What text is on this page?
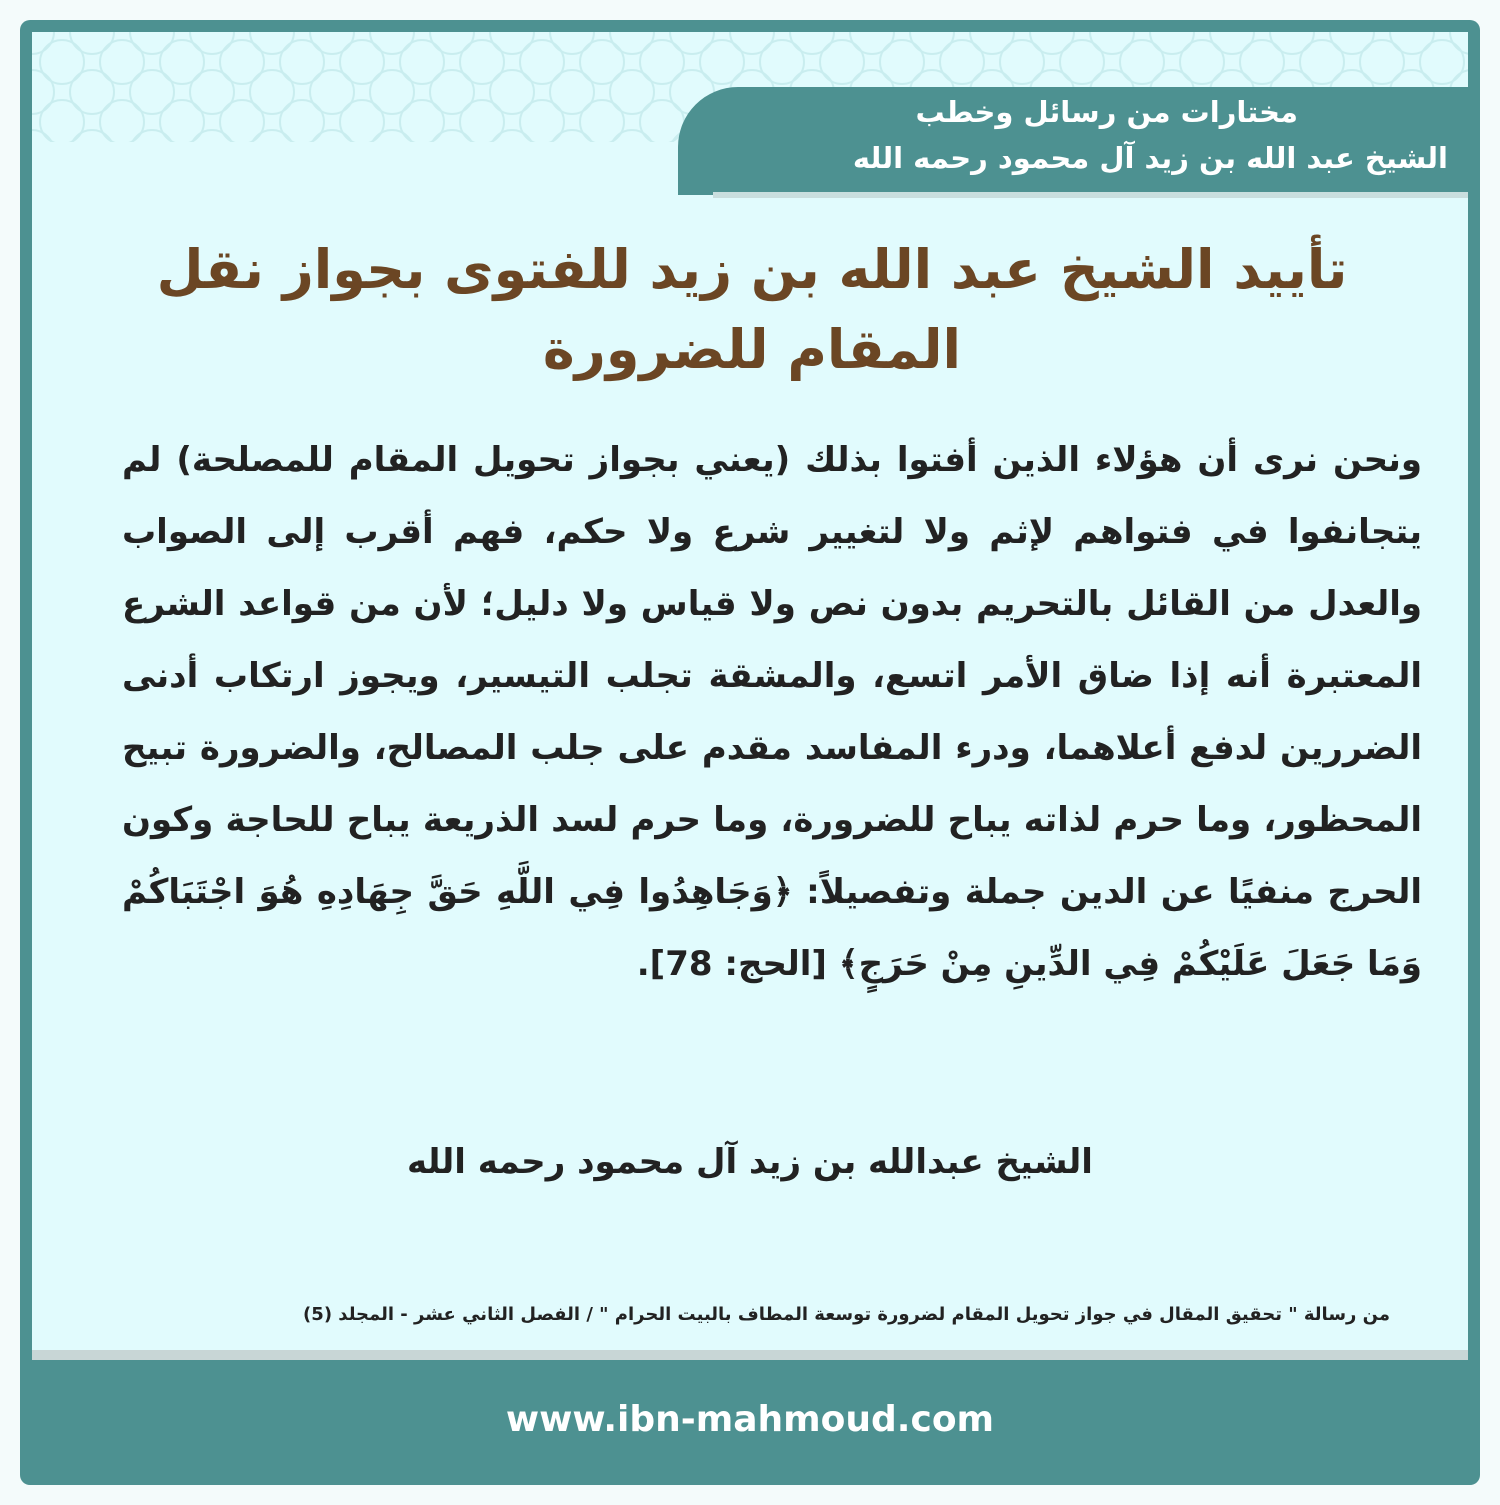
مختارات من رسائل وخطب
الشيخ عبد الله بن زيد آل محمود رحمه الله
تأييد الشيخ عبد الله بن زيد للفتوى بجواز نقل المقام للضرورة

ونحن نرى أن هؤلاء الذين أفتوا بذلك (يعني بجواز تحويل المقام للمصلحة) لم يتجانفوا في فتواهم لإثم ولا لتغيير شرع ولا حكم، فهم أقرب إلى الصواب والعدل من القائل بالتحريم بدون نص ولا قياس ولا دليل؛ لأن من قواعد الشرع المعتبرة أنه إذا ضاق الأمر اتسع، والمشقة تجلب التيسير، ويجوز ارتكاب أدنى الضررين لدفع أعلاهما، ودرء المفاسد مقدم على جلب المصالح، والضرورة تبيح المحظور، وما حرم لذاته يباح للضرورة، وما حرم لسد الذريعة يباح للحاجة وكون الحرج منفيًا عن الدين جملة وتفصيلاً: ﴿وَجَاهِدُوا فِي اللَّهِ حَقَّ جِهَادِهِ هُوَ اجْتَبَاكُمْ وَمَا جَعَلَ عَلَيْكُمْ فِي الدِّينِ مِنْ حَرَجٍ﴾ [الحج: 78].

الشيخ عبدالله بن زيد آل محمود رحمه الله
من رسالة " تحقيق المقال في جواز تحويل المقام لضرورة توسعة المطاف بالبيت الحرام " / الفصل الثاني عشر - المجلد (5)
www.ibn-mahmoud.com
